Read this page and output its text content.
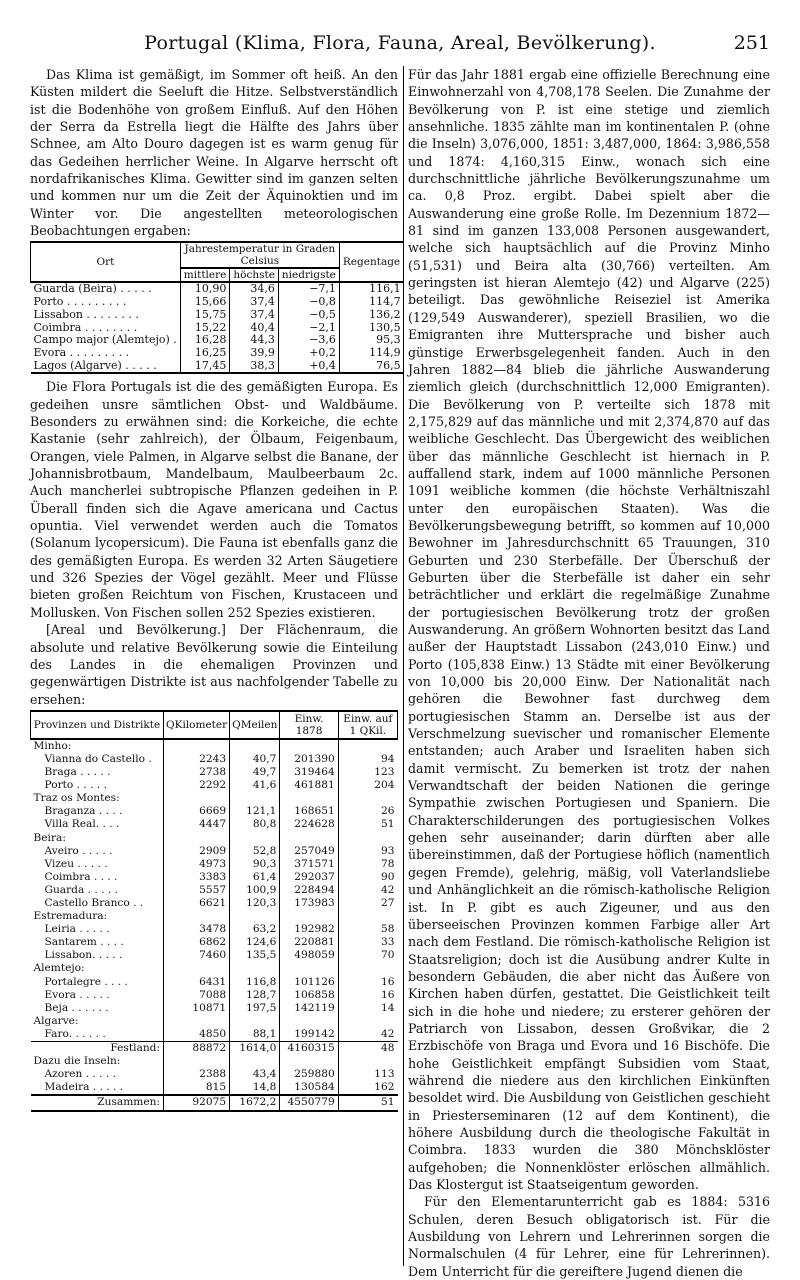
Portugal (Klima, Flora, Fauna, Areal, Bevölkerung).	251

Das Klima ist gemäßigt, im Sommer oft heiß. An den Küsten mildert die Seeluft die Hitze. Selbstverständlich ist die Bodenhöhe von großem Einfluß. Auf den Höhen der Serra da Estrella liegt die Hälfte des Jahrs über Schnee, am Alto Douro dagegen ist es warm genug für das Gedeihen herrlicher Weine. In Algarve herrscht oft nordafrikanisches Klima. Gewitter sind im ganzen selten und kommen nur um die Zeit der Äquinoktien und im Winter vor. Die angestellten meteorologischen Beobachtungen ergaben:

Ort	Jahrestemperatur in Graden Celsius			Regentage
	mittlere	höchste	niedrigste	
Guarda (Beira) . . . . .	10,90	34,6	−7,1	116,1
Porto . . . . . . . . .	15,66	37,4	−0,8	114,7
Lissabon . . . . . . . .	15,75	37,4	−0,5	136,2
Coimbra . . . . . . . .	15,22	40,4	−2,1	130,5
Campo major (Alemtejo) .	16,28	44,3	−3,6	95,3
Evora . . . . . . . . .	16,25	39,9	+0,2	114,9
Lagos (Algarve) . . . . .	17,45	38,3	+0,4	76,5

Die Flora Portugals ist die des gemäßigten Europa. Es gedeihen unsre sämtlichen Obst- und Waldbäume. Besonders zu erwähnen sind: die Korkeiche, die echte Kastanie (sehr zahlreich), der Ölbaum, Feigenbaum, Orangen, viele Palmen, in Algarve selbst die Banane, der Johannisbrotbaum, Mandelbaum, Maulbeerbaum 2c. Auch mancherlei subtropische Pflanzen gedeihen in P. Überall finden sich die Agave americana und Cactus opuntia. Viel verwendet werden auch die Tomatos (Solanum lycopersicum). Die Fauna ist ebenfalls ganz die des gemäßigten Europa. Es werden 32 Arten Säugetiere und 326 Spezies der Vögel gezählt. Meer und Flüsse bieten großen Reichtum von Fischen, Krustaceen und Mollusken. Von Fischen sollen 252 Spezies existieren.

[Areal und Bevölkerung.] Der Flächenraum, die absolute und relative Bevölkerung sowie die Einteilung des Landes in die ehemaligen Provinzen und gegenwärtigen Distrikte ist aus nachfolgender Tabelle zu ersehen:

Provinzen und Distrikte	QKilometer	QMeilen	Einw. 1878	Einw. auf 1 QKil.
Minho:				
Vianna do Castello .	2243	40,7	201390	94
Braga . . . . .	2738	49,7	319464	123
Porto . . . . .	2292	41,6	461881	204
Traz os Montes:				
Braganza . . . .	6669	121,1	168651	26
Villa Real. . . .	4447	80,8	224628	51
Beira:				
Aveiro . . . . .	2909	52,8	257049	93
Vizeu . . . . .	4973	90,3	371571	78
Coimbra . . . .	3383	61,4	292037	90
Guarda . . . . .	5557	100,9	228494	42
Castello Branco . .	6621	120,3	173983	27
Estremadura:				
Leiria . . . . .	3478	63,2	192982	58
Santarem . . . .	6862	124,6	220881	33
Lissabon. . . . .	7460	135,5	498059	70
Alemtejo:				
Portalegre . . . .	6431	116,8	101126	16
Evora . . . . .	7088	128,7	106858	16
Beja . . . . . .	10871	197,5	142119	14
Algarve:				
Faro. . . . . .	4850	88,1	199142	42
Festland:	88872	1614,0	4160315	48
Dazu die Inseln:				
Azoren . . . . .	2388	43,4	259880	113
Madeira . . . . .	815	14,8	130584	162
Zusammen:	92075	1672,2	4550779	51

Für das Jahr 1881 ergab eine offizielle Berechnung eine Einwohnerzahl von 4,708,178 Seelen. Die Zunahme der Bevölkerung von P. ist eine stetige und ziemlich ansehnliche. 1835 zählte man im kontinentalen P. (ohne die Inseln) 3,076,000, 1851: 3,487,000, 1864: 3,986,558 und 1874: 4,160,315 Einw., wonach sich eine durchschnittliche jährliche Bevölkerungszunahme um ca. 0,8 Proz. ergibt. Dabei spielt aber die Auswanderung eine große Rolle. Im Dezennium 1872—81 sind im ganzen 133,008 Personen ausgewandert, welche sich hauptsächlich auf die Provinz Minho (51,531) und Beira alta (30,766) verteilten. Am geringsten ist hieran Alemtejo (42) und Algarve (225) beteiligt. Das gewöhnliche Reiseziel ist Amerika (129,549 Auswanderer), speziell Brasilien, wo die Emigranten ihre Muttersprache und bisher auch günstige Erwerbsgelegenheit fanden. Auch in den Jahren 1882—84 blieb die jährliche Auswanderung ziemlich gleich (durchschnittlich 12,000 Emigranten). Die Bevölkerung von P. verteilte sich 1878 mit 2,175,829 auf das männliche und mit 2,374,870 auf das weibliche Geschlecht. Das Übergewicht des weiblichen über das männliche Geschlecht ist hiernach in P. auffallend stark, indem auf 1000 männliche Personen 1091 weibliche kommen (die höchste Verhältniszahl unter den europäischen Staaten). Was die Bevölkerungsbewegung betrifft, so kommen auf 10,000 Bewohner im Jahresdurchschnitt 65 Trauungen, 310 Geburten und 230 Sterbefälle. Der Überschuß der Geburten über die Sterbefälle ist daher ein sehr beträchtlicher und erklärt die regelmäßige Zunahme der portugiesischen Bevölkerung trotz der großen Auswanderung. An größern Wohnorten besitzt das Land außer der Hauptstadt Lissabon (243,010 Einw.) und Porto (105,838 Einw.) 13 Städte mit einer Bevölkerung von 10,000 bis 20,000 Einw. Der Nationalität nach gehören die Bewohner fast durchweg dem portugiesischen Stamm an. Derselbe ist aus der Verschmelzung suevischer und romanischer Elemente entstanden; auch Araber und Israeliten haben sich damit vermischt. Zu bemerken ist trotz der nahen Verwandtschaft der beiden Nationen die geringe Sympathie zwischen Portugiesen und Spaniern. Die Charakterschilderungen des portugiesischen Volkes gehen sehr auseinander; darin dürften aber alle übereinstimmen, daß der Portugiese höflich (namentlich gegen Fremde), gelehrig, mäßig, voll Vaterlandsliebe und Anhänglichkeit an die römisch-katholische Religion ist. In P. gibt es auch Zigeuner, und aus den überseeischen Provinzen kommen Farbige aller Art nach dem Festland. Die römisch-katholische Religion ist Staatsreligion; doch ist die Ausübung andrer Kulte in besondern Gebäuden, die aber nicht das Äußere von Kirchen haben dürfen, gestattet. Die Geistlichkeit teilt sich in die hohe und niedere; zu ersterer gehören der Patriarch von Lissabon, dessen Großvikar, die 2 Erzbischöfe von Braga und Evora und 16 Bischöfe. Die hohe Geistlichkeit empfängt Subsidien vom Staat, während die niedere aus den kirchlichen Einkünften besoldet wird. Die Ausbildung von Geistlichen geschieht in Priesterseminaren (12 auf dem Kontinent), die höhere Ausbildung durch die theologische Fakultät in Coimbra. 1833 wurden die 380 Mönchsklöster aufgehoben; die Nonnenklöster erlöschen allmählich. Das Klostergut ist Staatseigentum geworden.

Für den Elementarunterricht gab es 1884: 5316 Schulen, deren Besuch obligatorisch ist. Für die Ausbildung von Lehrern und Lehrerinnen sorgen die Normalschulen (4 für Lehrer, eine für Lehrerinnen). Dem Unterricht für die gereiftere Jugend dienen die
